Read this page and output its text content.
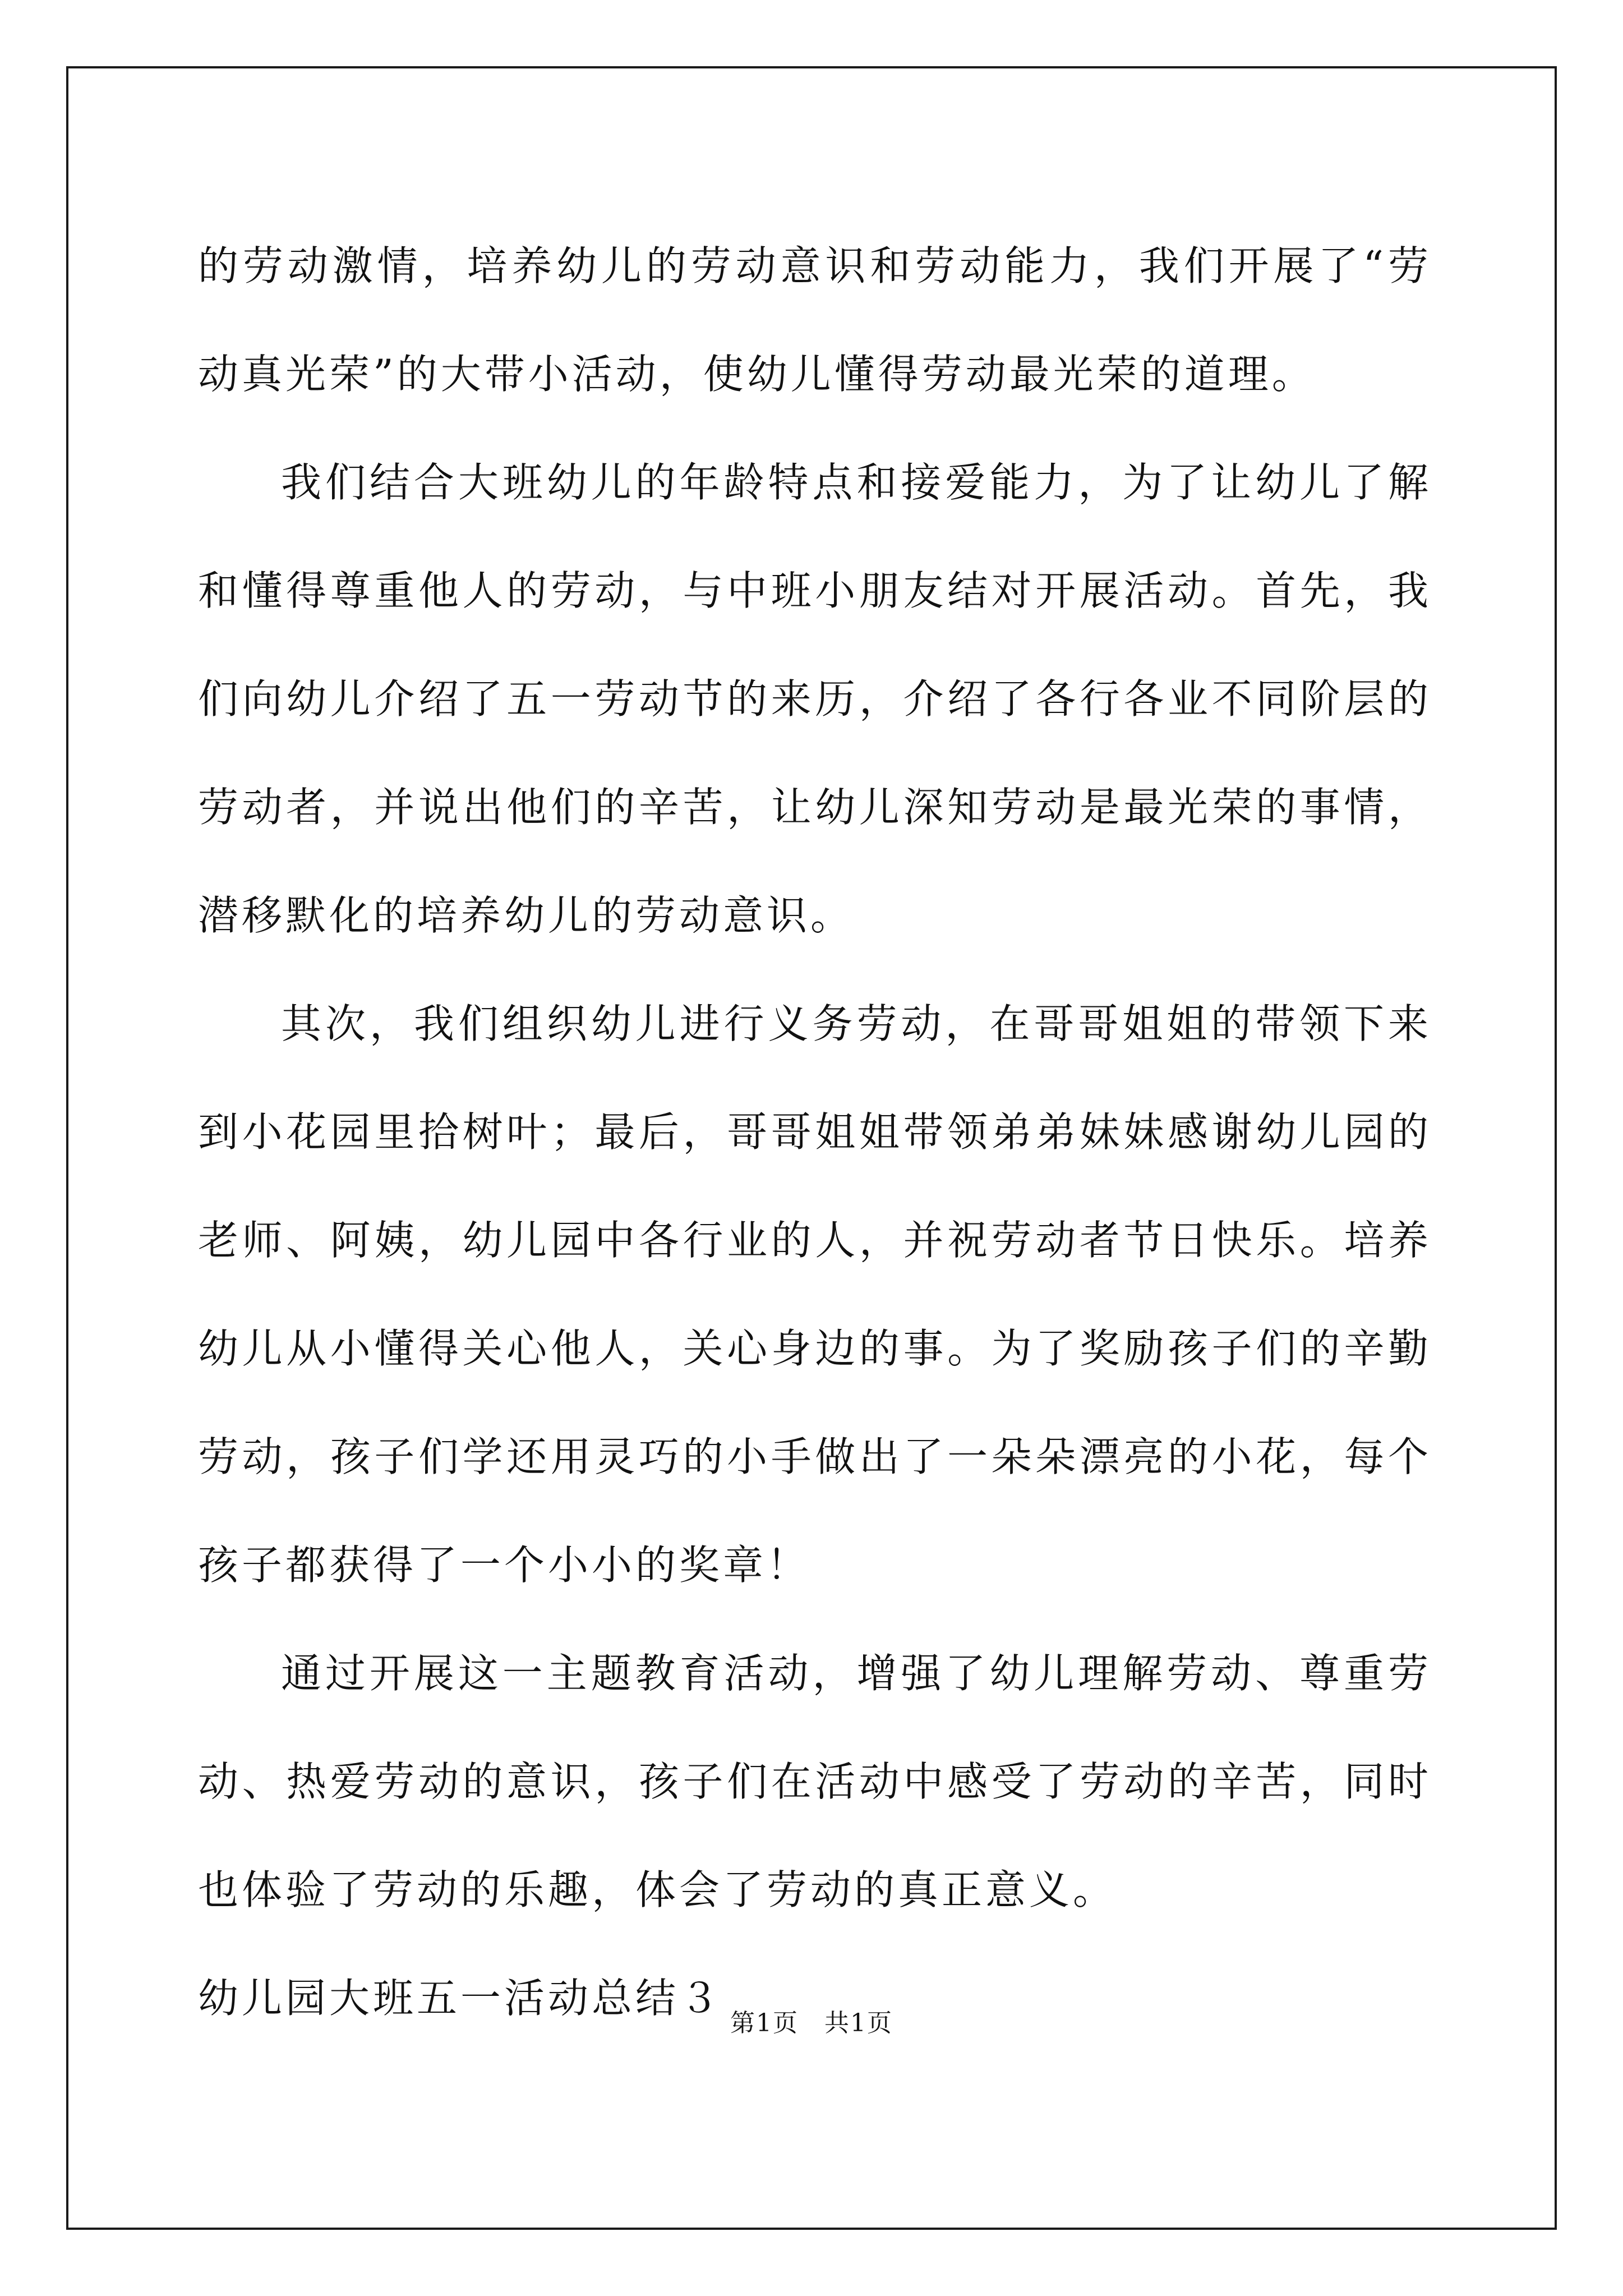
的劳动激情，培养幼儿的劳动意识和劳动能力，我们开展了“劳动真光荣”的大带小活动，使幼儿懂得劳动最光荣的道理。

我们结合大班幼儿的年龄特点和接爱能力，为了让幼儿了解和懂得尊重他人的劳动，与中班小朋友结对开展活动。首先，我们向幼儿介绍了五一劳动节的来历，介绍了各行各业不同阶层的劳动者，并说出他们的辛苦，让幼儿深知劳动是最光荣的事情，潜移默化的培养幼儿的劳动意识。

其次，我们组织幼儿进行义务劳动，在哥哥姐姐的带领下来到小花园里拾树叶；最后，哥哥姐姐带领弟弟妹妹感谢幼儿园的老师、阿姨，幼儿园中各行业的人，并祝劳动者节日快乐。培养幼儿从小懂得关心他人，关心身边的事。为了奖励孩子们的辛勤劳动，孩子们学还用灵巧的小手做出了一朵朵漂亮的小花，每个孩子都获得了一个小小的奖章！

通过开展这一主题教育活动，增强了幼儿理解劳动、尊重劳动、热爱劳动的意识，孩子们在活动中感受了劳动的辛苦，同时也体验了劳动的乐趣，体会了劳动的真正意义。

幼儿园大班五一活动总结３

第1页　共1页
